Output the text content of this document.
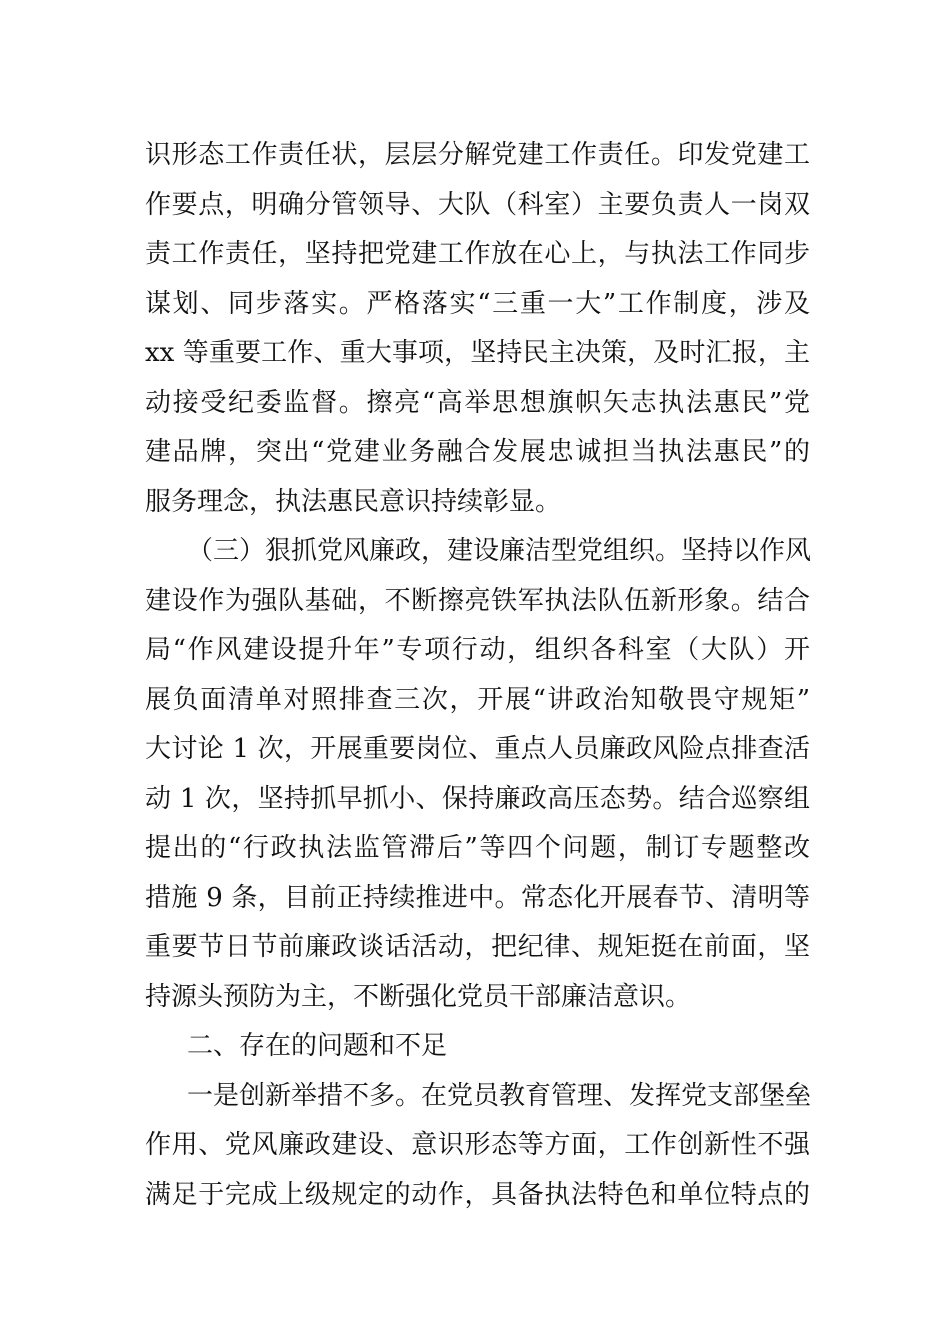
识形态工作责任状，层层分解党建工作责任。印发党建工
作要点，明确分管领导、大队（科室）主要负责人一岗双
责工作责任，坚持把党建工作放在心上，与执法工作同步
谋划、同步落实。严格落实“三重一大”工作制度，涉及
xx 等重要工作、重大事项，坚持民主决策，及时汇报，主
动接受纪委监督。擦亮“高举思想旗帜矢志执法惠民”党
建品牌，突出“党建业务融合发展忠诚担当执法惠民”的
服务理念，执法惠民意识持续彰显。
（三）狠抓党风廉政，建设廉洁型党组织。坚持以作风
建设作为强队基础，不断擦亮铁军执法队伍新形象。结合
局“作风建设提升年”专项行动，组织各科室（大队）开
展负面清单对照排查三次，开展“讲政治知敬畏守规矩”
大讨论 1 次，开展重要岗位、重点人员廉政风险点排查活
动 1 次，坚持抓早抓小、保持廉政高压态势。结合巡察组
提出的“行政执法监管滞后”等四个问题，制订专题整改
措施 9 条，目前正持续推进中。常态化开展春节、清明等
重要节日节前廉政谈话活动，把纪律、规矩挺在前面，坚
持源头预防为主，不断强化党员干部廉洁意识。
二、存在的问题和不足
一是创新举措不多。在党员教育管理、发挥党支部堡垒
作用、党风廉政建设、意识形态等方面，工作创新性不强
满足于完成上级规定的动作，具备执法特色和单位特点的
